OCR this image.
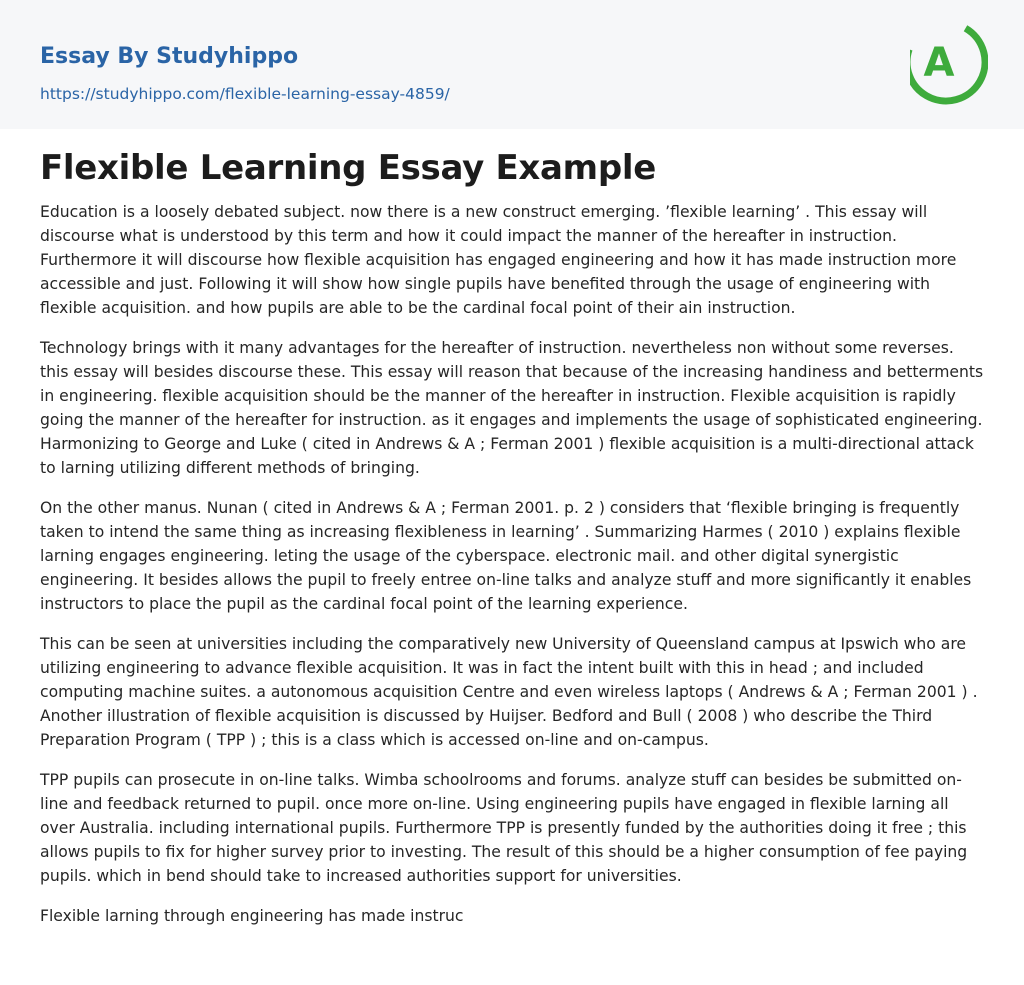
Essay By Studyhippo
https://studyhippo.com/flexible-learning-essay-4859/
A
Flexible Learning Essay Example

Education is a loosely debated subject. now there is a new construct emerging. ’flexible learning’ . This essay will discourse what is understood by this term and how it could impact the manner of the hereafter in instruction. Furthermore it will discourse how flexible acquisition has engaged engineering and how it has made instruction more accessible and just. Following it will show how single pupils have benefited through the usage of engineering with flexible acquisition. and how pupils are able to be the cardinal focal point of their ain instruction.

Technology brings with it many advantages for the hereafter of instruction. nevertheless non without some reverses. this essay will besides discourse these. This essay will reason that because of the increasing handiness and betterments in engineering. flexible acquisition should be the manner of the hereafter in instruction. Flexible acquisition is rapidly going the manner of the hereafter for instruction. as it engages and implements the usage of sophisticated engineering. Harmonizing to George and Luke ( cited in Andrews & A ; Ferman 2001 ) flexible acquisition is a multi-directional attack to larning utilizing different methods of bringing.

On the other manus. Nunan ( cited in Andrews & A ; Ferman 2001. p. 2 ) considers that ‘flexible bringing is frequently taken to intend the same thing as increasing flexibleness in learning’ . Summarizing Harmes ( 2010 ) explains flexible larning engages engineering. leting the usage of the cyberspace. electronic mail. and other digital synergistic engineering. It besides allows the pupil to freely entree on-line talks and analyze stuff and more significantly it enables instructors to place the pupil as the cardinal focal point of the learning experience.

This can be seen at universities including the comparatively new University of Queensland campus at Ipswich who are utilizing engineering to advance flexible acquisition. It was in fact the intent built with this in head ; and included computing machine suites. a autonomous acquisition Centre and even wireless laptops ( Andrews & A ; Ferman 2001 ) . Another illustration of flexible acquisition is discussed by Huijser. Bedford and Bull ( 2008 ) who describe the Third Preparation Program ( TPP ) ; this is a class which is accessed on-line and on-campus.

TPP pupils can prosecute in on-line talks. Wimba schoolrooms and forums. analyze stuff can besides be submitted on-line and feedback returned to pupil. once more on-line. Using engineering pupils have engaged in flexible larning all over Australia. including international pupils. Furthermore TPP is presently funded by the authorities doing it free ; this allows pupils to fix for higher survey prior to investing. The result of this should be a higher consumption of fee paying pupils. which in bend should take to increased authorities support for universities.

Flexible larning through engineering has made instruc
